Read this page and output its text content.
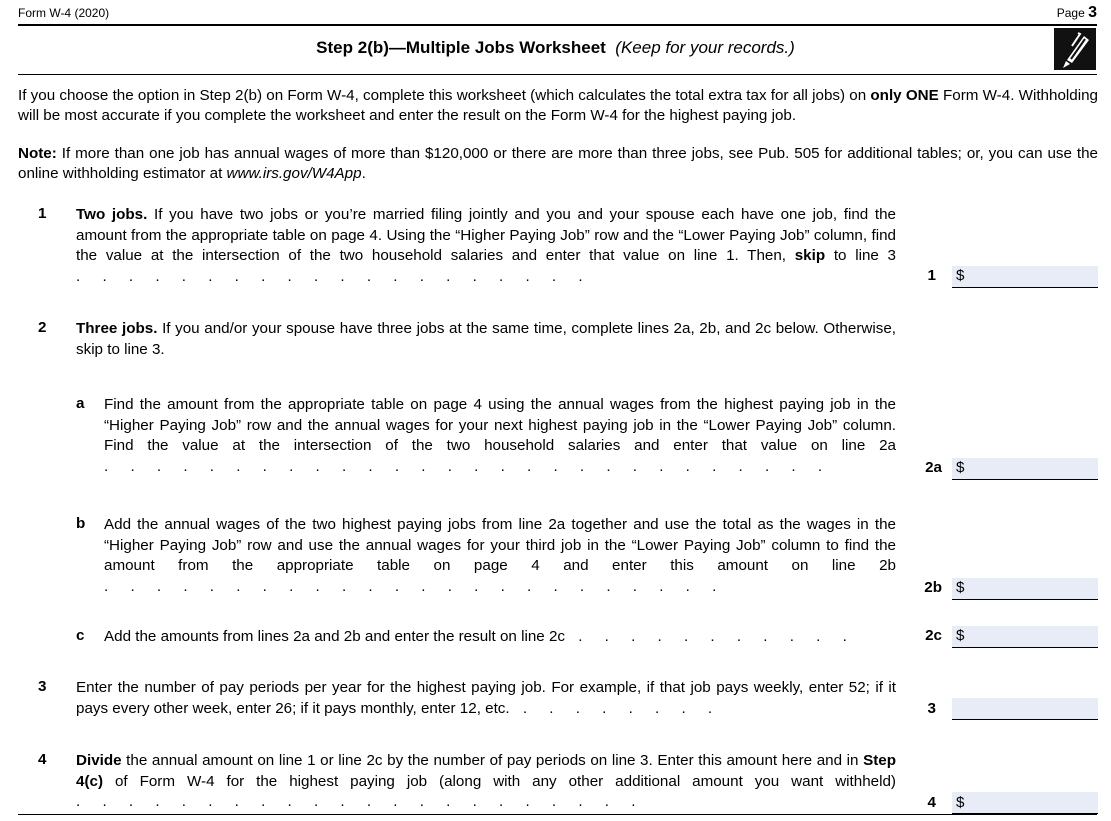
Form W-4 (2020)	Page 3
Step 2(b)—Multiple Jobs Worksheet (Keep for your records.)
If you choose the option in Step 2(b) on Form W-4, complete this worksheet (which calculates the total extra tax for all jobs) on only ONE Form W-4. Withholding will be most accurate if you complete the worksheet and enter the result on the Form W-4 for the highest paying job.
Note: If more than one job has annual wages of more than $120,000 or there are more than three jobs, see Pub. 505 for additional tables; or, you can use the online withholding estimator at www.irs.gov/W4App.
1 Two jobs. If you have two jobs or you’re married filing jointly and you and your spouse each have one job, find the amount from the appropriate table on page 4. Using the “Higher Paying Job” row and the “Lower Paying Job” column, find the value at the intersection of the two household salaries and enter that value on line 1. Then, skip to line 3 . . . . . . . . . . . . . . . . . . . .	1 $
2 Three jobs. If you and/or your spouse have three jobs at the same time, complete lines 2a, 2b, and 2c below. Otherwise, skip to line 3.
a Find the amount from the appropriate table on page 4 using the annual wages from the highest paying job in the “Higher Paying Job” row and the annual wages for your next highest paying job in the “Lower Paying Job” column. Find the value at the intersection of the two household salaries and enter that value on line 2a . . . . . . . . . . . . . . . . . . . . . . . . . . . .	2a $
b Add the annual wages of the two highest paying jobs from line 2a together and use the total as the wages in the “Higher Paying Job” row and use the annual wages for your third job in the “Lower Paying Job” column to find the amount from the appropriate table on page 4 and enter this amount on line 2b . . . . . . . . . . . . . . . . . . . . . . . .	2b $
c Add the amounts from lines 2a and 2b and enter the result on line 2c . . . . . . . . . . .	2c $
3 Enter the number of pay periods per year for the highest paying job. For example, if that job pays weekly, enter 52; if it pays every other week, enter 26; if it pays monthly, enter 12, etc. . . . . . . . .	3
4 Divide the annual amount on line 1 or line 2c by the number of pay periods on line 3. Enter this amount here and in Step 4(c) of Form W-4 for the highest paying job (along with any other additional amount you want withheld) . . . . . . . . . . . . . . . . . . . . . .	4 $
